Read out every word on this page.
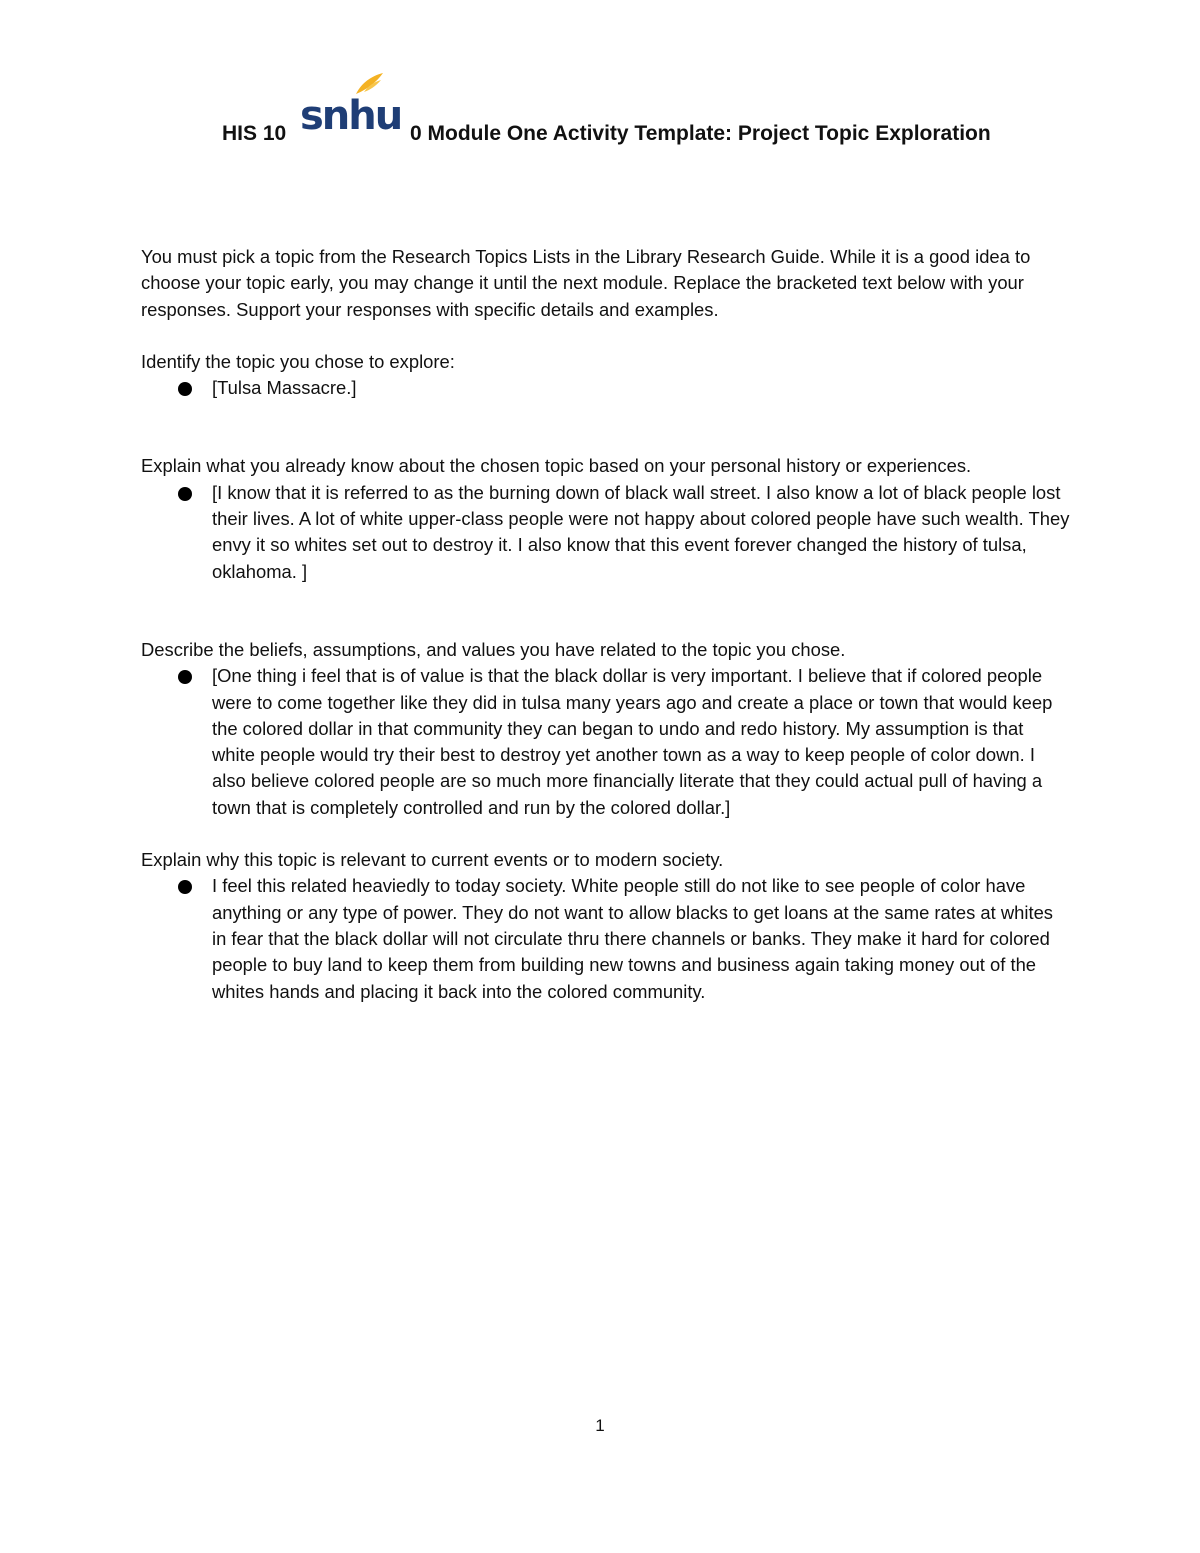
HIS 10	0 Module One Activity Template: Project Topic Exploration
snhu

You must pick a topic from the Research Topics Lists in the Library Research Guide. While it is a good idea to choose your topic early, you may change it until the next module. Replace the bracketed text below with your responses. Support your responses with specific details and examples.

Identify the topic you chose to explore:

[Tulsa Massacre.]

Explain what you already know about the chosen topic based on your personal history or experiences.

[I know that it is referred to as the burning down of black wall street. I also know a lot of black people lost their lives. A lot of white upper-class people were not happy about colored people have such wealth. They envy it so whites set out to destroy it. I also know that this event forever changed the history of tulsa, oklahoma. ]

Describe the beliefs, assumptions, and values you have related to the topic you chose.

[One thing i feel that is of value is that the black dollar is very important. I believe that if colored people were to come together like they did in tulsa many years ago and create a place or town that would keep the colored dollar in that community they can began to undo and redo history. My assumption is that white people would try their best to destroy yet another town as a way to keep people of color down. I also believe colored people are so much more financially literate that they could actual pull of having a town that is completely controlled and run by the colored dollar.]

Explain why this topic is relevant to current events or to modern society.

I feel this related heaviedly to today society. White people still do not like to see people of color have anything or any type of power. They do not want to allow blacks to get loans at the same rates at whites in fear that the black dollar will not circulate thru there channels or banks. They make it hard for colored people to buy land to keep them from building new towns and business again taking money out of the whites hands and placing it back into the colored community.
1
